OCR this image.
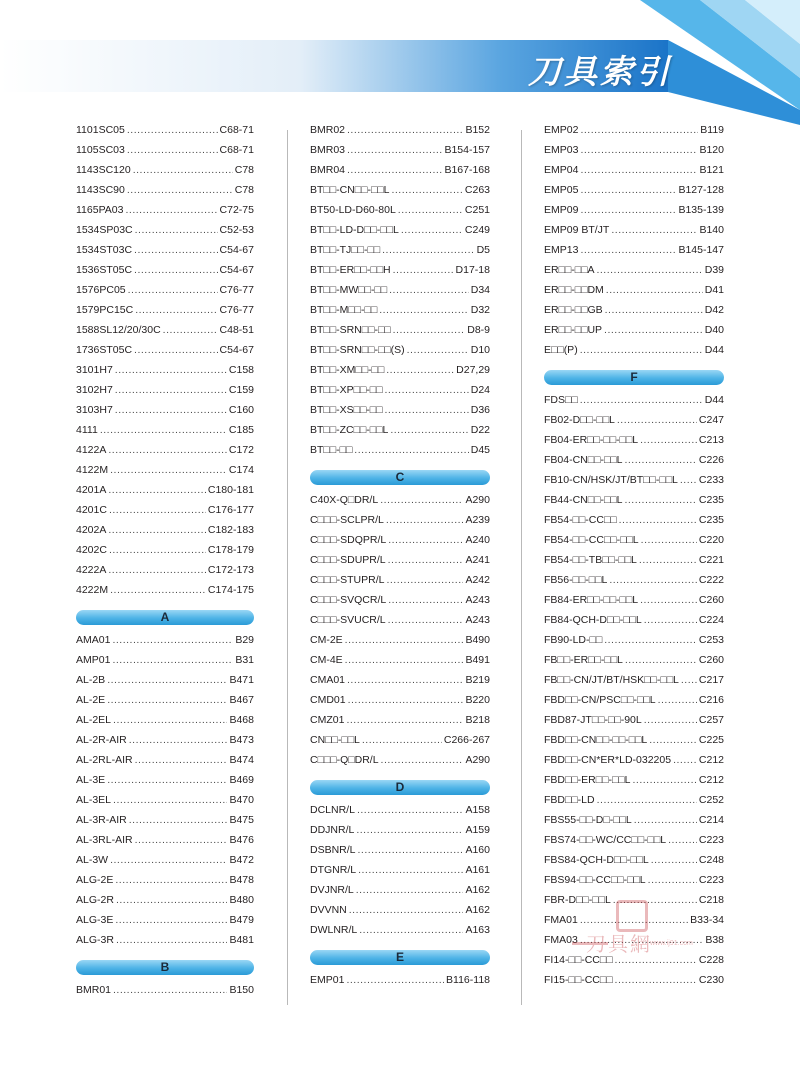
刀具索引
1101SC05 .....	C68-71
1105SC03 .....	C68-71
1143SC120 .....	C78
1143SC90 .....	C78
1165PA03 .....	C72-75
1534SP03C .....	C52-53
1534ST03C .....	C54-67
1536ST05C .....	C54-67
1576PC05 .....	C76-77
1579PC15C .....	C76-77
1588SL12/20/30C .....	C48-51
1736ST05C .....	C54-67
3101H7 .....	C158
3102H7 .....	C159
3103H7 .....	C160
4111 .....	C185
4122A .....	C172
4122M .....	C174
4201A .....	C180-181
4201C .....	C176-177
4202A .....	C182-183
4202C .....	C178-179
4222A .....	C172-173
4222M .....	C174-175
A
AMA01 .....	B29
AMP01 .....	B31
AL-2B .....	B471
AL-2E .....	B467
AL-2EL .....	B468
AL-2R-AIR .....	B473
AL-2RL-AIR .....	B474
AL-3E .....	B469
AL-3EL .....	B470
AL-3R-AIR .....	B475
AL-3RL-AIR .....	B476
AL-3W .....	B472
ALG-2E .....	B478
ALG-2R .....	B480
ALG-3E .....	B479
ALG-3R .....	B481
B
BMR01 .....	B150
BMR02 .....	B152
BMR03 .....	B154-157
BMR04 .....	B167-168
BT□□-CN□□-□□L .....	C263
BT50-LD-D60-80L .....	C251
BT□□-LD-D□□-□□L .....	C249
BT□□-TJ□□-□□ .....	D5
BT□□-ER□□-□□H .....	D17-18
BT□□-MW□□-□□ .....	D34
BT□□-M□□-□□ .....	D32
BT□□-SRN□□-□□ .....	D8-9
BT□□-SRN□□-□□(S) .....	D10
BT□□-XM□□-□□ .....	D27,29
BT□□-XP□□-□□ .....	D24
BT□□-XS□□-□□ .....	D36
BT□□-ZC□□-□□L .....	D22
BT□□-□□ .....	D45
C
C40X-Q□DR/L .....	A290
C□□□-SCLPR/L .....	A239
C□□□-SDQPR/L .....	A240
C□□□-SDUPR/L .....	A241
C□□□-STUPR/L .....	A242
C□□□-SVQCR/L .....	A243
C□□□-SVUCR/L .....	A243
CM-2E .....	B490
CM-4E .....	B491
CMA01 .....	B219
CMD01 .....	B220
CMZ01 .....	B218
CN□□-□□L .....	C266-267
C□□□-Q□DR/L .....	A290
D
DCLNR/L .....	A158
DDJNR/L .....	A159
DSBNR/L .....	A160
DTGNR/L .....	A161
DVJNR/L .....	A162
DVVNN .....	A162
DWLNR/L .....	A163
E
EMP01 .....	B116-118
EMP02 .....	B119
EMP03 .....	B120
EMP04 .....	B121
EMP05 .....	B127-128
EMP09 .....	B135-139
EMP09 BT/JT .....	B140
EMP13 .....	B145-147
ER□□-□□A .....	D39
ER□□-□□DM .....	D41
ER□□-□□GB .....	D42
ER□□-□□UP .....	D40
E□□(P) .....	D44
F
FDS□□ .....	D44
FB02-D□□-□□L .....	C247
FB04-ER□□-□□-□□L .....	C213
FB04-CN□□-□□L .....	C226
FB10-CN/HSK/JT/BT□□-□□L ..... C233
FB44-CN□□-□□L .....	C235
FB54-□□-CC□□ .....	C235
FB54-□□-CC□□-□□L .....	C220
FB54-□□-TB□□-□□L .....	C221
FB56-□□-□□L .....	C222
FB84-ER□□-□□-□□L .....	C260
FB84-QCH-D□□-□□L .....	C224
FB90-LD-□□ .....	C253
FB□□-ER□□-□□L .....	C260
FB□□-CN/JT/BT/HSK□□-□□L ..... C217
FBD□□-CN/PSC□□-□□L .....	C216
FBD87-JT□□-□□-90L .....	C257
FBD□□-CN□□-□□-□□L .....	C225
FBD□□-CN*ER*LD-032205 .....	C212
FBD□□-ER□□-□□L .....	C212
FBD□□-LD .....	C252
FBS55-□□-D□-□□L .....	C214
FBS74-□□-WC/CC□□-□□L .....	C223
FBS84-QCH-D□□-□□L .....	C248
FBS94-□□-CC□□-□□L .....	C223
FBR-D□□-□□L .....	C218
FMA01 .....	B33-34
FMA03 .....	B38
FI14-□□-CC□□ .....	C228
FI15-□□-CC□□ .....	C230
刀具網
www.ij91.com
